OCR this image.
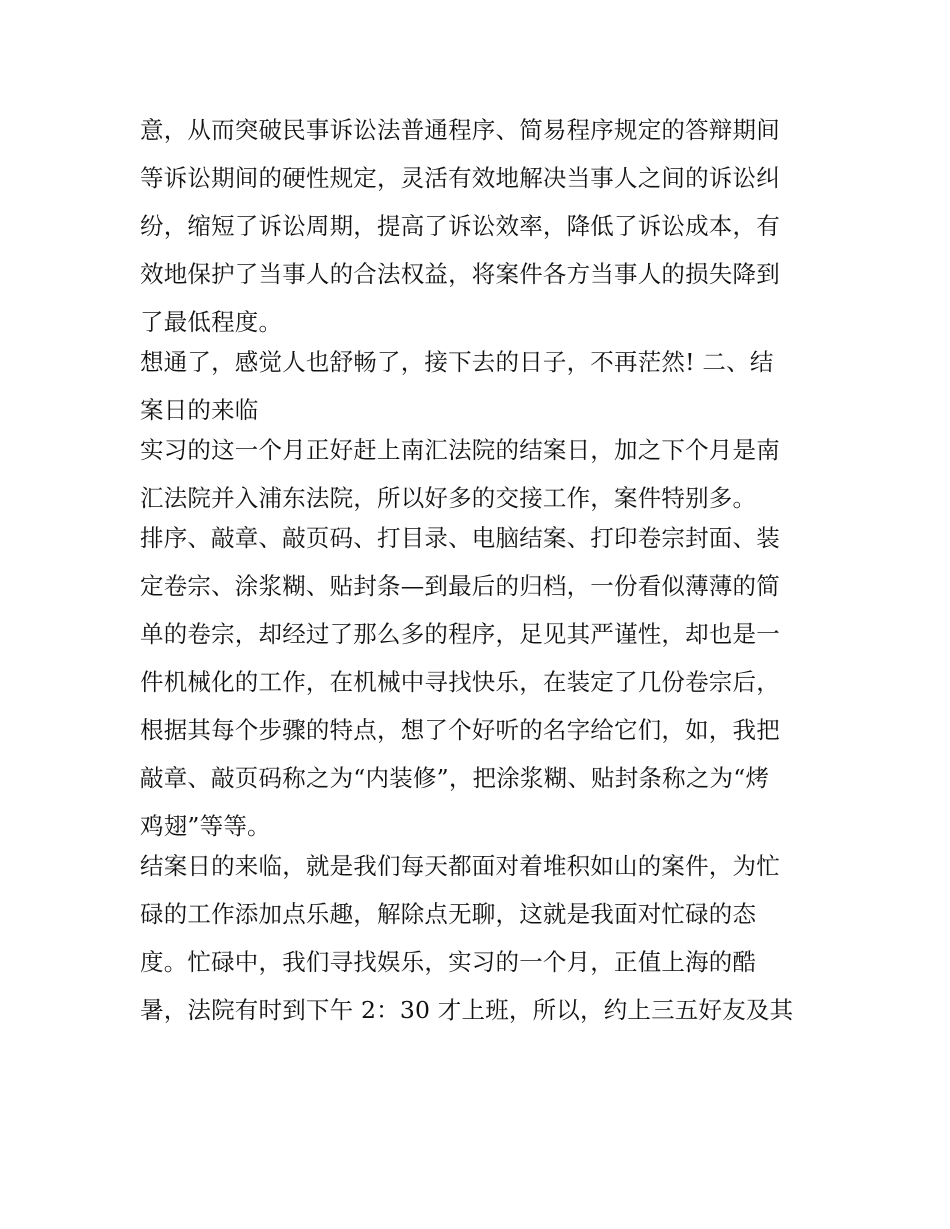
意，从而突破民事诉讼法普通程序、简易程序规定的答辩期间
等诉讼期间的硬性规定，灵活有效地解决当事人之间的诉讼纠
纷，缩短了诉讼周期，提高了诉讼效率，降低了诉讼成本，有
效地保护了当事人的合法权益，将案件各方当事人的损失降到
了最低程度。
想通了，感觉人也舒畅了，接下去的日子，不再茫然! 二、结
案日的来临
实习的这一个月正好赶上南汇法院的结案日，加之下个月是南
汇法院并入浦东法院，所以好多的交接工作，案件特别多。
排序、敲章、敲页码、打目录、电脑结案、打印卷宗封面、装
定卷宗、涂浆糊、贴封条—到最后的归档，一份看似薄薄的简
单的卷宗，却经过了那么多的程序，足见其严谨性，却也是一
件机械化的工作，在机械中寻找快乐，在装定了几份卷宗后，
根据其每个步骤的特点，想了个好听的名字给它们，如，我把
敲章、敲页码称之为“内装修”，把涂浆糊、贴封条称之为“烤
鸡翅”等等。
结案日的来临，就是我们每天都面对着堆积如山的案件，为忙
碌的工作添加点乐趣，解除点无聊，这就是我面对忙碌的态
度。忙碌中，我们寻找娱乐，实习的一个月，正值上海的酷
暑，法院有时到下午 2：30 才上班，所以，约上三五好友及其
